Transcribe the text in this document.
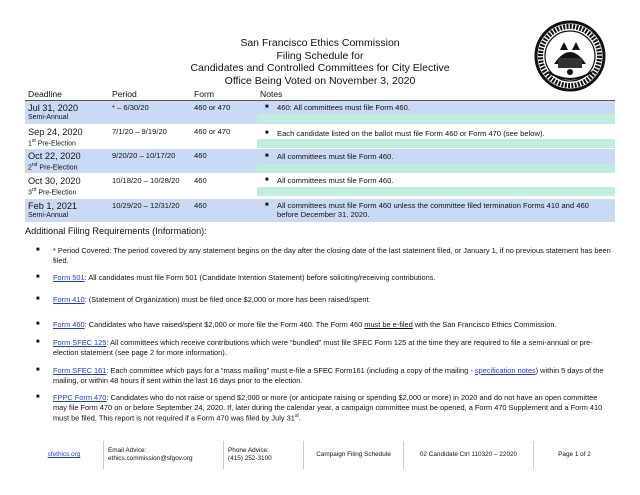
San Francisco Ethics Commission
Filing Schedule for
Candidates and Controlled Committees for City Elective
Office Being Voted on November 3, 2020
Deadline	Period	Form	Notes
Jul 31, 2020
Semi-Annual	* – 6/30/20	460 or 470	■ 460: All committees must file Form 460.

Sep 24, 2020
1st Pre-Election	7/1/20 – 9/19/20	460 or 470	■ Each candidate listed on the ballot must file Form 460 or Form 470 (see below).

Oct 22, 2020
2nd Pre-Election	9/20/20 – 10/17/20	460	■ All committees must file Form 460.

Oct 30, 2020
3rd Pre-Election	10/18/20 – 10/28/20	460	■ All committees must file Form 460.

Feb 1, 2021
Semi-Annual	10/29/20 – 12/31/20	460	■ All committees must file Form 460 unless the committee filed termination Forms 410 and 460 before December 31, 2020.
Additional Filing Requirements (Information):
■	* Period Covered: The period covered by any statement begins on the day after the closing date of the last statement filed, or January 1, if no previous statement has been filed.
■	Form 501: All candidates must file Form 501 (Candidate Intention Statement) before soliciting/receiving contributions.
■	Form 410: (Statement of Organization) must be filed once $2,000 or more has been raised/spent.
■	Form 460: Candidates who have raised/spent $2,000 or more file the Form 460. The Form 460 must be e-filed with the San Francisco Ethics Commission.
■	Form SFEC 125: All committees which receive contributions which were “bundled” must file SFEC Form 125 at the time they are required to file a semi-annual or pre-election statement (see page 2 for more information).
■	Form SFEC 161: Each committee which pays for a “mass mailing” must e-file a SFEC Form161 (including a copy of the mailing - specification notes) within 5 days of the mailing, or within 48 hours if sent within the last 16 days prior to the election.
■	FPPC Form 470: Candidates who do not raise or spend $2,000 or more (or anticipate raising or spending $2,000 or more) in 2020 and do not have an open committee may file Form 470 on or before September 24, 2020. If, later during the calendar year, a campaign committee must be opened, a Form 470 Supplement and a Form 410 must be filed. This report is not required if a Form 470 was filed by July 31st.
sfethics.org
Email Advice:
ethics.commission@sfgov.org
Phone Advice:
(415) 252-3100
Campaign Filing Schedule	02 Candidate Ctrl 110320 – 22020	Page 1 of 2
